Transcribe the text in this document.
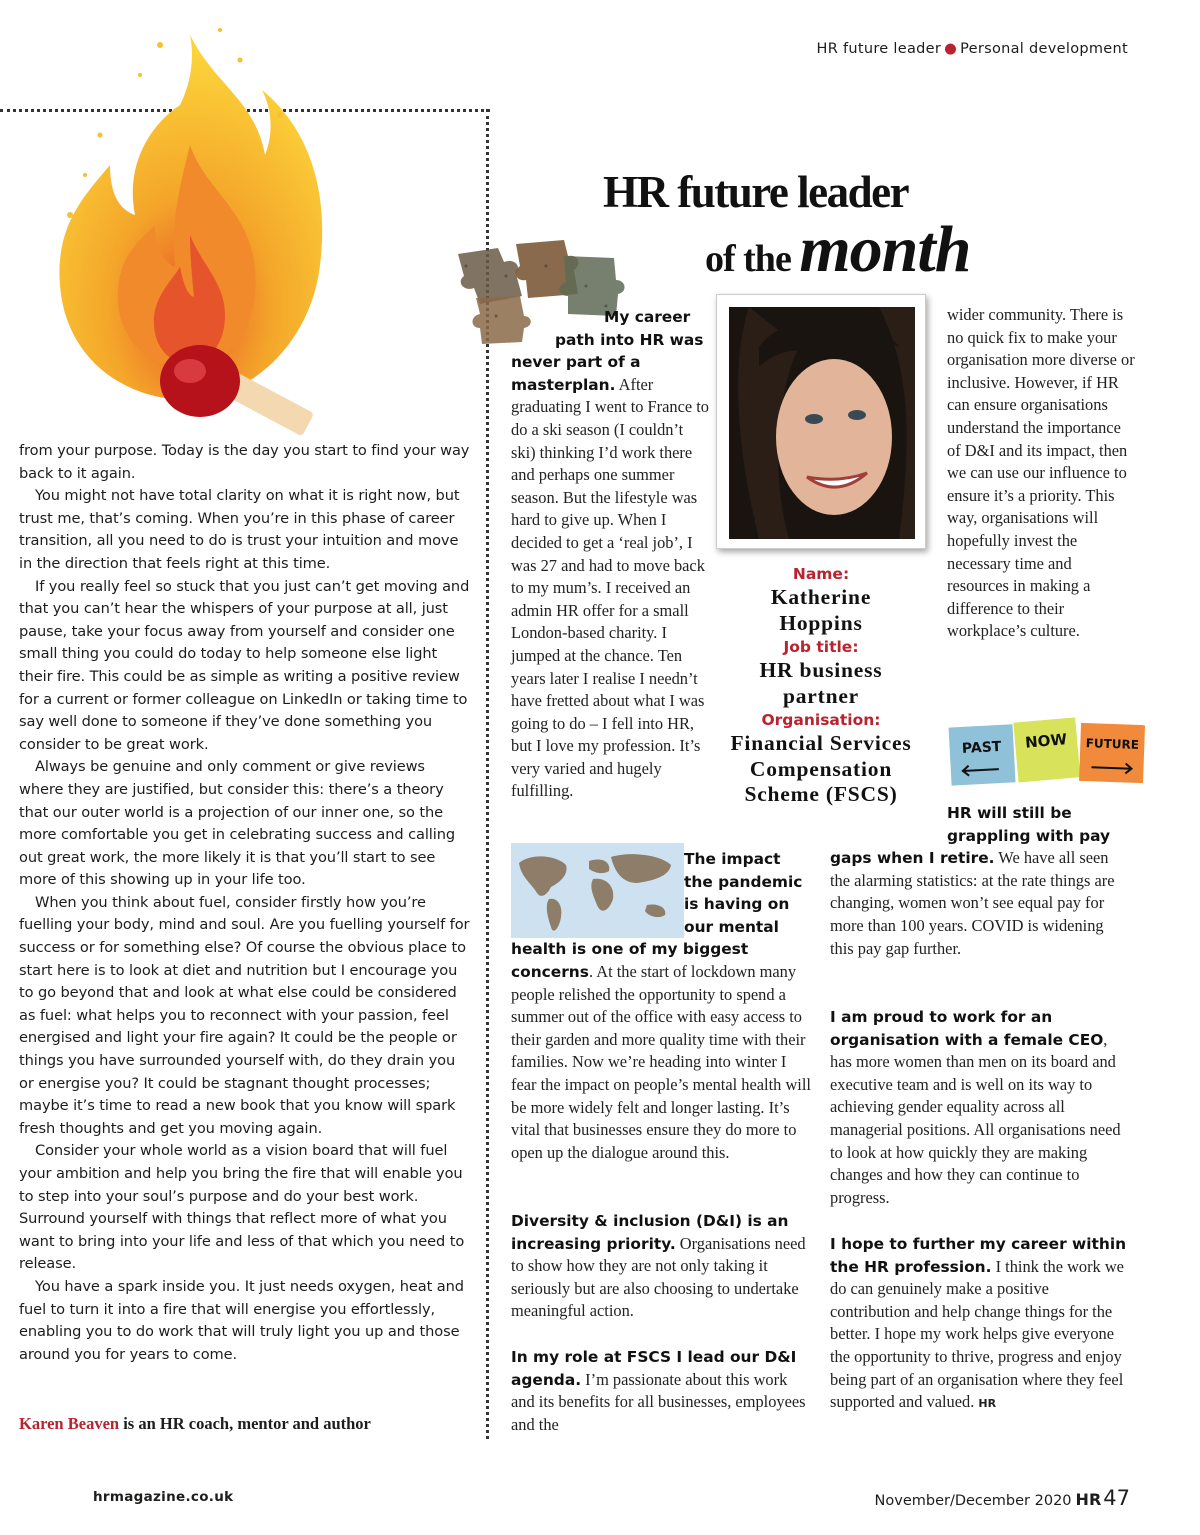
HR future leader ● Personal development
HR future leader
of the month

from your purpose. Today is the day you start to find your way back to it again.

You might not have total clarity on what it is right now, but trust me, that’s coming. When you’re in this phase of career transition, all you need to do is trust your intuition and move in the direction that feels right at this time.

If you really feel so stuck that you just can’t get moving and that you can’t hear the whispers of your purpose at all, just pause, take your focus away from yourself and consider one small thing you could do today to help someone else light their fire. This could be as simple as writing a positive review for a current or former colleague on LinkedIn or taking time to say well done to someone if they’ve done something you consider to be great work.

Always be genuine and only comment or give reviews where they are justified, but consider this: there’s a theory that our outer world is a projection of our inner one, so the more comfortable you get in celebrating success and calling out great work, the more likely it is that you’ll start to see more of this showing up in your life too.

When you think about fuel, consider firstly how you’re fuelling your body, mind and soul. Are you fuelling yourself for success or for something else? Of course the obvious place to start here is to look at diet and nutrition but I encourage you to go beyond that and look at what else could be considered as fuel: what helps you to reconnect with your passion, feel energised and light your fire again? It could be the people or things you have surrounded yourself with, do they drain you or energise you? It could be stagnant thought processes; maybe it’s time to read a new book that you know will spark fresh thoughts and get you moving again.

Consider your whole world as a vision board that will fuel your ambition and help you bring the fire that will enable you to step into your soul’s purpose and do your best work. Surround yourself with things that reflect more of what you want to bring into your life and less of that which you need to release.

You have a spark inside you. It just needs oxygen, heat and fuel to turn it into a fire that will energise you effortlessly, enabling you to do work that will truly light you up and those around you for years to come.

Karen Beaven is an HR coach, mentor and author
My career
path into HR was
never part of a masterplan. After graduating I went to France to do a ski season (I couldn’t ski) thinking I’d work there and perhaps one summer season. But the lifestyle was hard to give up. When I decided to get a ‘real job’, I was 27 and had to move back to my mum’s. I received an admin HR offer for a small London-based charity. I jumped at the chance. Ten years later I realise I needn’t have fretted about what I was going to do – I fell into HR, but I love my profession. It’s very varied and hugely fulfilling.
Name:
Katherine
Hoppins
Job title:
HR business
partner
Organisation:
Financial Services
Compensation
Scheme (FSCS)
wider community. There is no quick fix to make your organisation more diverse or inclusive. However, if HR can ensure organisations understand the importance of D&I and its impact, then we can use our influence to ensure it’s a priority. This way, organisations will hopefully invest the necessary time and resources in making a difference to their workplace’s culture.
PAST NOW FUTURE
The impact
the pandemic
is having on
our mental
health is one of my biggest concerns. At the start of lockdown many people relished the opportunity to spend a summer out of the office with easy access to their garden and more quality time with their families. Now we’re heading into winter I fear the impact on people’s mental health will be more widely felt and longer lasting. It’s vital that businesses ensure they do more to open up the dialogue around this.
Diversity & inclusion (D&I) is an increasing priority. Organisations need to show how they are not only taking it seriously but are also choosing to undertake meaningful action.
In my role at FSCS I lead our D&I agenda. I’m passionate about this work and its benefits for all businesses, employees and the
HR will still be
grappling with pay
gaps when I retire. We have all seen the alarming statistics: at the rate things are changing, women won’t see equal pay for more than 100 years. COVID is widening this pay gap further.
I am proud to work for an organisation with a female CEO, has more women than men on its board and executive team and is well on its way to achieving gender equality across all managerial positions. All organisations need to look at how quickly they are making changes and how they can continue to progress.
I hope to further my career within the HR profession. I think the work we do can genuinely make a positive contribution and help change things for the better. I hope my work helps give everyone the opportunity to thrive, progress and enjoy being part of an organisation where they feel supported and valued. HR
hrmagazine.co.uk	November/December 2020 HR47
